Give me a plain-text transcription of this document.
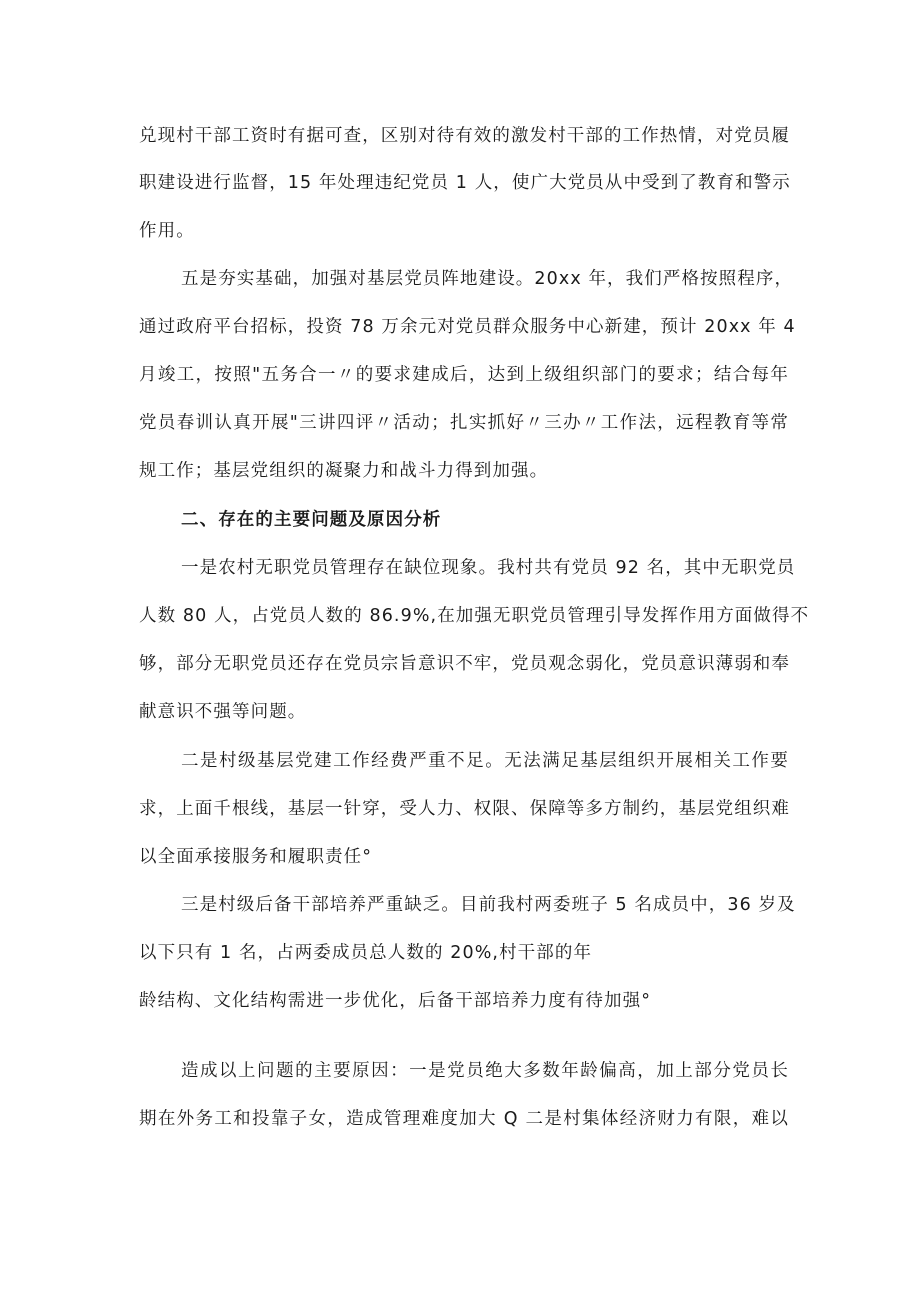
兑现村干部工资时有据可查，区别对待有效的激发村干部的工作热情，对党员履
职建设进行监督，15 年处理违纪党员 1 人，使广大党员从中受到了教育和警示
作用。
五是夯实基础，加强对基层党员阵地建设。20xx 年，我们严格按照程序，
通过政府平台招标，投资 78 万余元对党员群众服务中心新建，预计 20xx 年 4
月竣工，按照"五务合一〃的要求建成后，达到上级组织部门的要求；结合每年
党员春训认真开展"三讲四评〃活动；扎实抓好〃三办〃工作法，远程教育等常
规工作；基层党组织的凝聚力和战斗力得到加强。
二、存在的主要问题及原因分析
一是农村无职党员管理存在缺位现象。我村共有党员 92 名，其中无职党员
人数 80 人，占党员人数的 86.9%,在加强无职党员管理引导发挥作用方面做得不
够，部分无职党员还存在党员宗旨意识不牢，党员观念弱化，党员意识薄弱和奉
献意识不强等问题。
二是村级基层党建工作经费严重不足。无法满足基层组织开展相关工作要
求，上面千根线，基层一针穿，受人力、权限、保障等多方制约，基层党组织难
以全面承接服务和履职责任°
三是村级后备干部培养严重缺乏。目前我村两委班子 5 名成员中，36 岁及
以下只有 1 名，占两委成员总人数的 20%,村干部的年
龄结构、文化结构需进一步优化，后备干部培养力度有待加强°
造成以上问题的主要原因：一是党员绝大多数年龄偏高，加上部分党员长
期在外务工和投靠子女，造成管理难度加大 Q 二是村集体经济财力有限，难以
